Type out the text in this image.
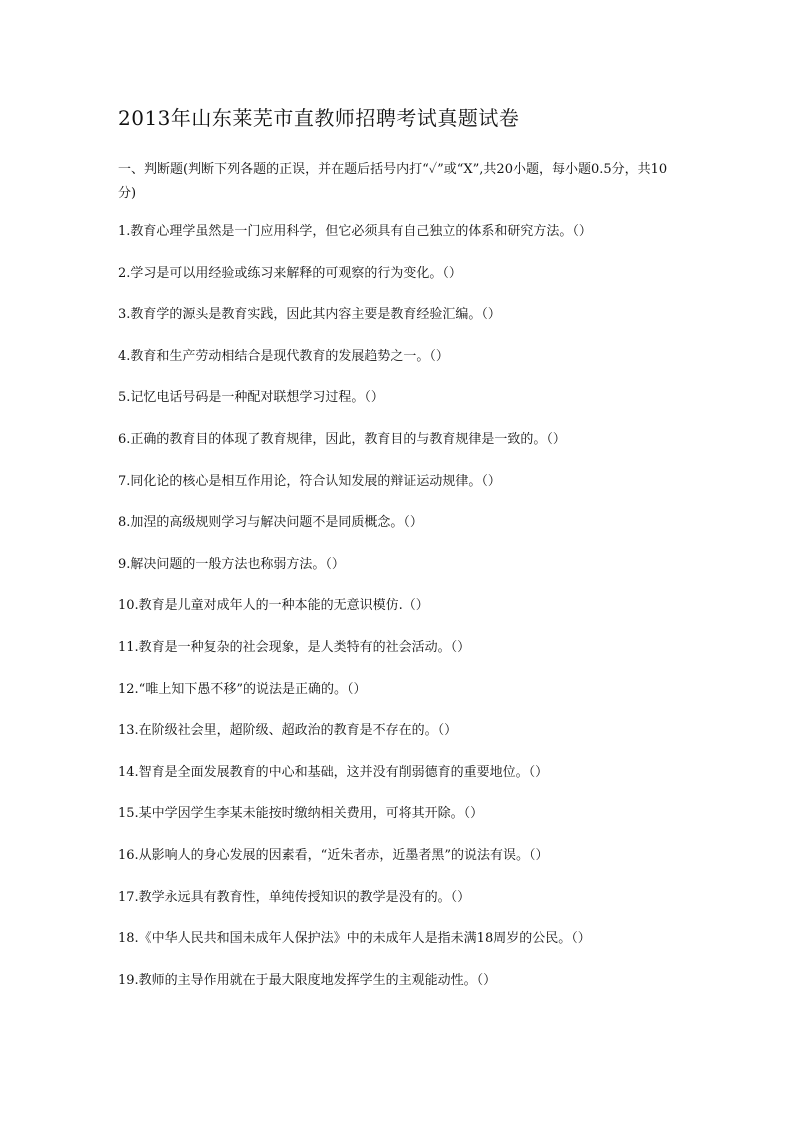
2013年山东莱芜市直教师招聘考试真题试卷
一、判断题(判断下列各题的正误，并在题后括号内打“✓”或“X”,共20小题，每小题0.5分，共10分)
1.教育心理学虽然是一门应用科学，但它必须具有自己独立的体系和研究方法。（）
2.学习是可以用经验或练习来解释的可观察的行为变化。（）
3.教育学的源头是教育实践，因此其内容主要是教育经验汇编。（）
4.教育和生产劳动相结合是现代教育的发展趋势之一。（）
5.记忆电话号码是一种配对联想学习过程。（）
6.正确的教育目的体现了教育规律，因此，教育目的与教育规律是一致的。（）
7.同化论的核心是相互作用论，符合认知发展的辩证运动规律。（）
8.加涅的高级规则学习与解决问题不是同质概念。（）
9.解决问题的一般方法也称弱方法。（）
10.教育是儿童对成年人的一种本能的无意识模仿.（）
11.教育是一种复杂的社会现象，是人类特有的社会活动。（）
12.“唯上知下愚不移”的说法是正确的。（）
13.在阶级社会里，超阶级、超政治的教育是不存在的。（）
14.智育是全面发展教育的中心和基础，这并没有削弱德育的重要地位。（）
15.某中学因学生李某未能按时缴纳相关费用，可将其开除。（）
16.从影响人的身心发展的因素看，“近朱者赤，近墨者黑”的说法有误。（）
17.教学永远具有教育性，单纯传授知识的教学是没有的。（）
18.《中华人民共和国未成年人保护法》中的未成年人是指未满18周岁的公民。（）
19.教师的主导作用就在于最大限度地发挥学生的主观能动性。（）
